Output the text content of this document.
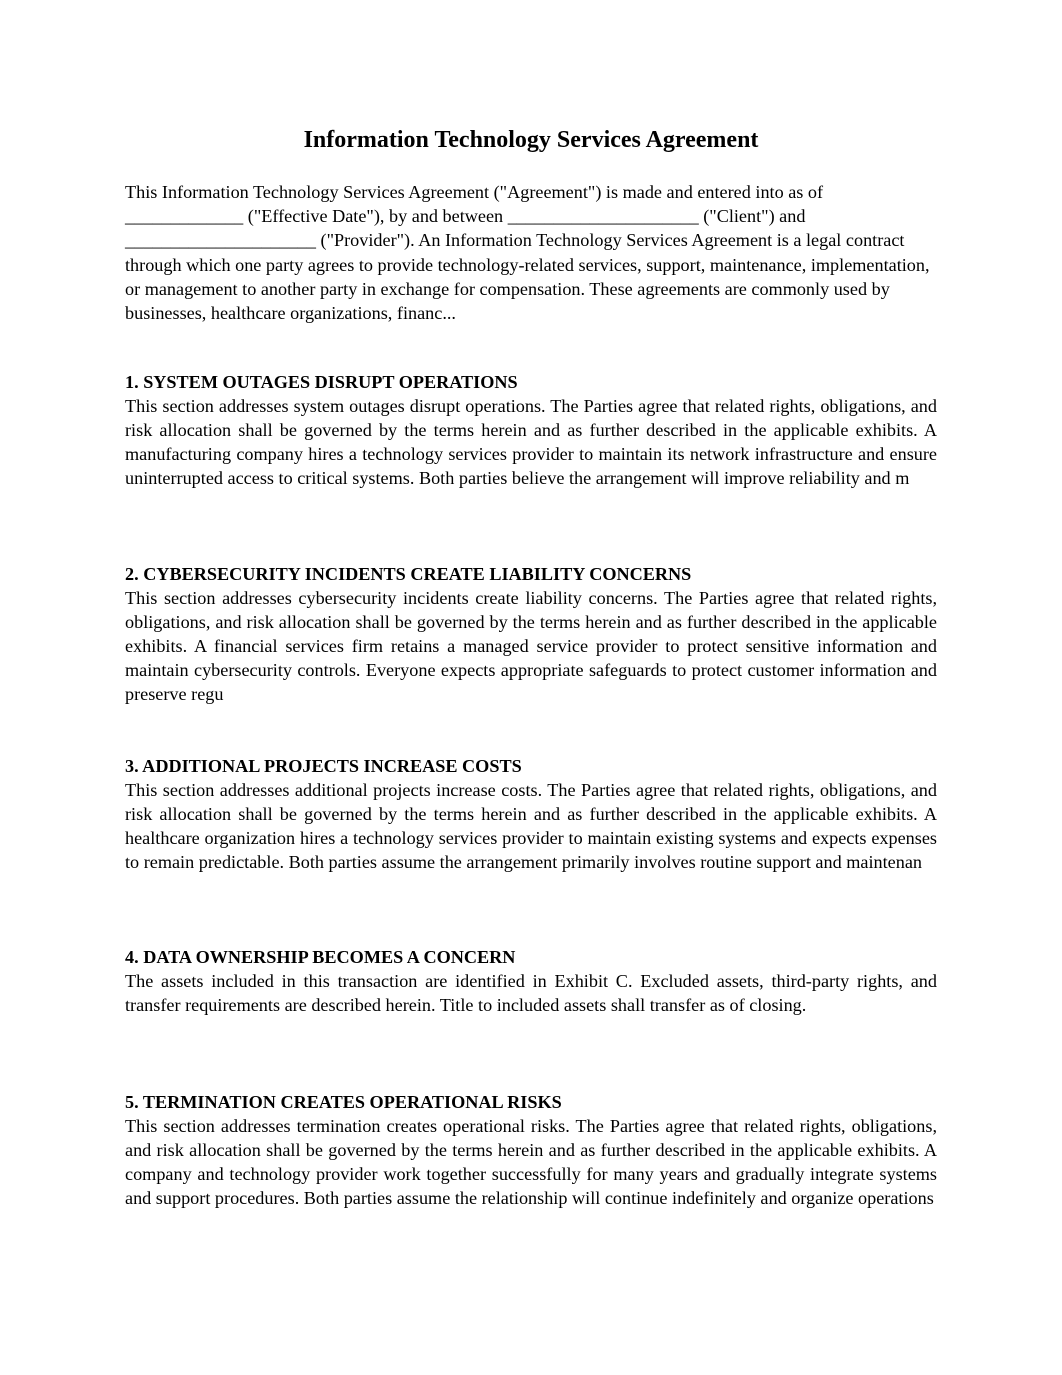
Information Technology Services Agreement

This Information Technology Services Agreement ("Agreement") is made and entered into as of _____________ ("Effective Date"), by and between _____________________ ("Client") and _____________________ ("Provider"). An Information Technology Services Agreement is a legal contract through which one party agrees to provide technology-related services, support, maintenance, implementation, or management to another party in exchange for compensation. These agreements are commonly used by businesses, healthcare organizations, financ...

1. SYSTEM OUTAGES DISRUPT OPERATIONS

This section addresses system outages disrupt operations. The Parties agree that related rights, obligations, and risk allocation shall be governed by the terms herein and as further described in the applicable exhibits. A manufacturing company hires a technology services provider to maintain its network infrastructure and ensure uninterrupted access to critical systems. Both parties believe the arrangement will improve reliability and m

2. CYBERSECURITY INCIDENTS CREATE LIABILITY CONCERNS

This section addresses cybersecurity incidents create liability concerns. The Parties agree that related rights, obligations, and risk allocation shall be governed by the terms herein and as further described in the applicable exhibits. A financial services firm retains a managed service provider to protect sensitive information and maintain cybersecurity controls. Everyone expects appropriate safeguards to protect customer information and preserve regu

3. ADDITIONAL PROJECTS INCREASE COSTS

This section addresses additional projects increase costs. The Parties agree that related rights, obligations, and risk allocation shall be governed by the terms herein and as further described in the applicable exhibits. A healthcare organization hires a technology services provider to maintain existing systems and expects expenses to remain predictable. Both parties assume the arrangement primarily involves routine support and maintenan

4. DATA OWNERSHIP BECOMES A CONCERN

The assets included in this transaction are identified in Exhibit C. Excluded assets, third-party rights, and transfer requirements are described herein. Title to included assets shall transfer as of closing.

5. TERMINATION CREATES OPERATIONAL RISKS

This section addresses termination creates operational risks. The Parties agree that related rights, obligations, and risk allocation shall be governed by the terms herein and as further described in the applicable exhibits. A company and technology provider work together successfully for many years and gradually integrate systems and support procedures. Both parties assume the relationship will continue indefinitely and organize operations
